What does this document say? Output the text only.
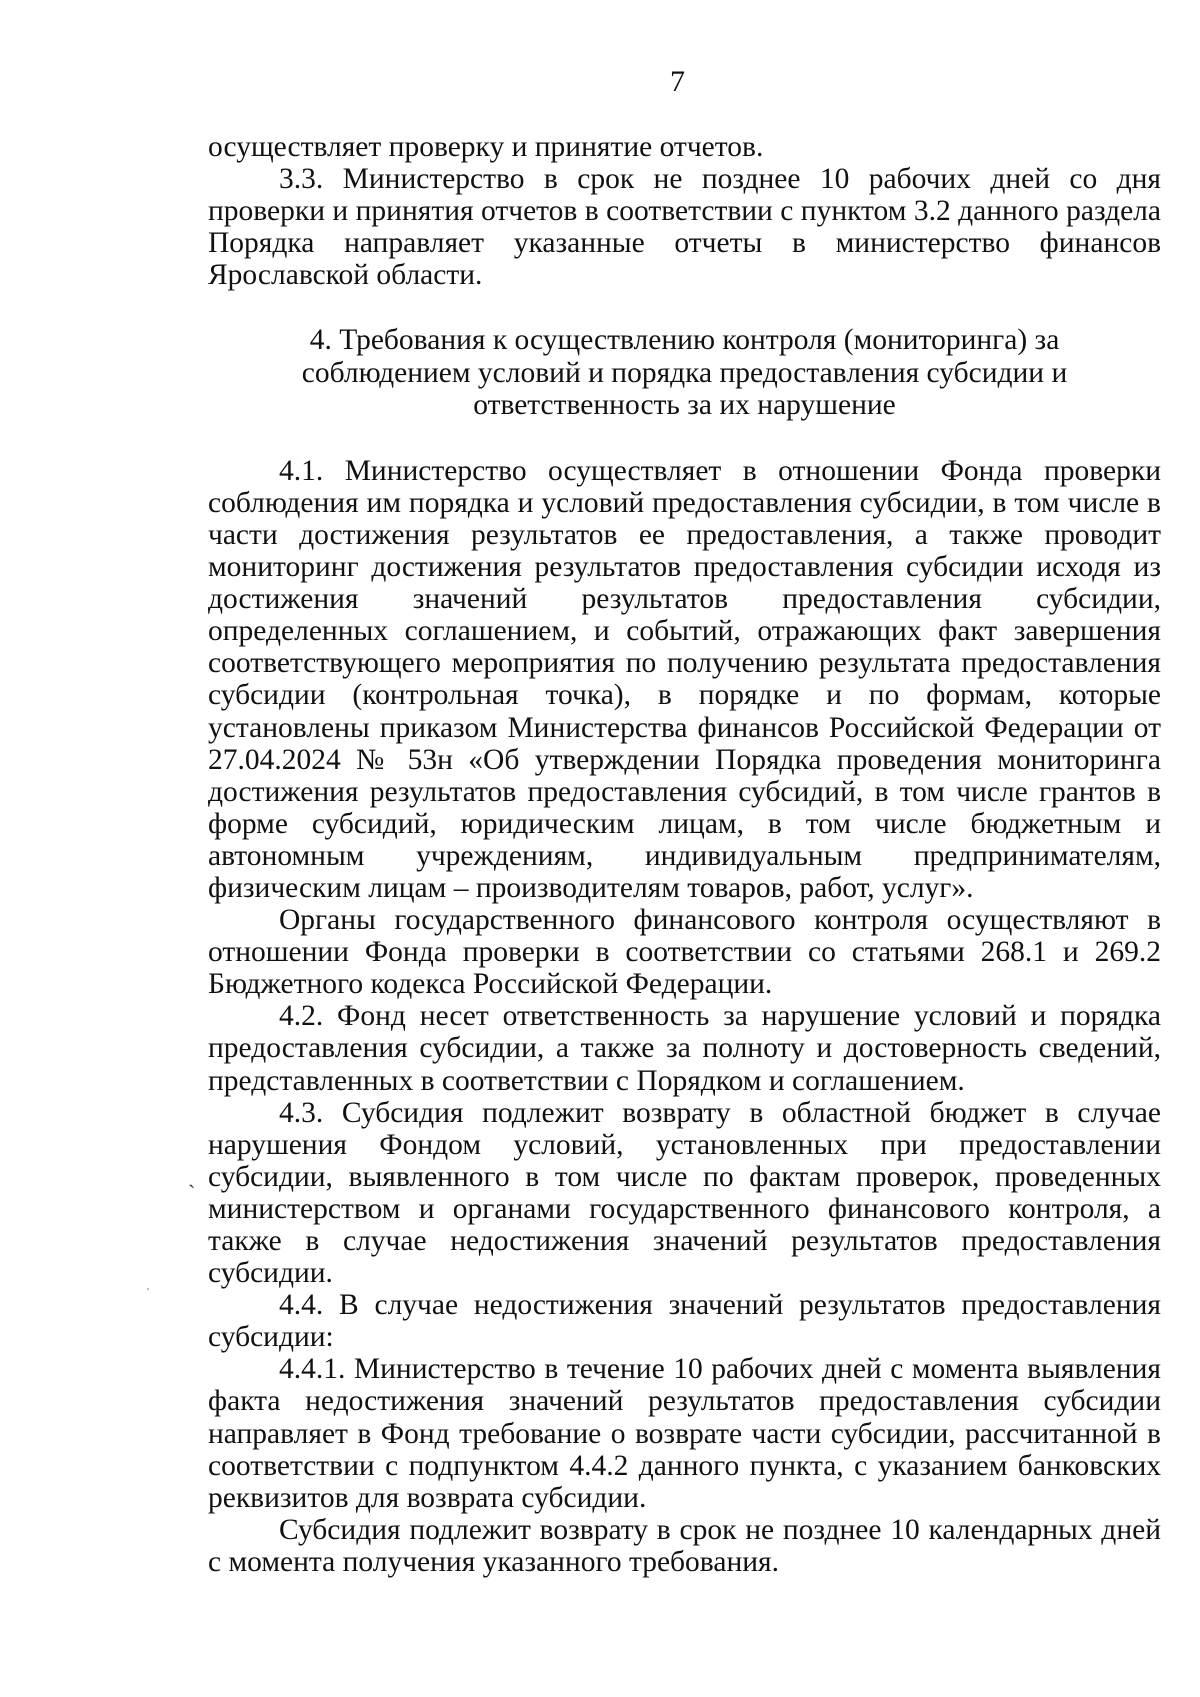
7

осуществляет проверку и принятие отчетов.

3.3. Министерство в срок не позднее 10 рабочих дней со дня проверки и принятия отчетов в соответствии с пунктом 3.2 данного раздела Порядка направляет указанные отчеты в министерство финансов Ярославской области.

4. Требования к осуществлению контроля (мониторинга) за соблюдением условий и порядка предоставления субсидии и ответственность за их нарушение

4.1. Министерство осуществляет в отношении Фонда проверки соблюдения им порядка и условий предоставления субсидии, в том числе в части достижения результатов ее предоставления, а также проводит мониторинг достижения результатов предоставления субсидии исходя из достижения значений результатов предоставления субсидии, определенных соглашением, и событий, отражающих факт завершения соответствующего мероприятия по получению результата предоставления субсидии (контрольная точка), в порядке и по формам, которые установлены приказом Министерства финансов Российской Федерации от 27.04.2024 № 53н «Об утверждении Порядка проведения мониторинга достижения результатов предоставления субсидий, в том числе грантов в форме субсидий, юридическим лицам, в том числе бюджетным и автономным учреждениям, индивидуальным предпринимателям, физическим лицам – производителям товаров, работ, услуг».

Органы государственного финансового контроля осуществляют в отношении Фонда проверки в соответствии со статьями 268.1 и 269.2 Бюджетного кодекса Российской Федерации.

4.2. Фонд несет ответственность за нарушение условий и порядка предоставления субсидии, а также за полноту и достоверность сведений, представленных в соответствии с Порядком и соглашением.

4.3. Субсидия подлежит возврату в областной бюджет в случае нарушения Фондом условий, установленных при предоставлении субсидии, выявленного в том числе по фактам проверок, проведенных министерством и органами государственного финансового контроля, а также в случае недостижения значений результатов предоставления субсидии.

4.4. В случае недостижения значений результатов предоставления субсидии:

4.4.1. Министерство в течение 10 рабочих дней с момента выявления факта недостижения значений результатов предоставления субсидии направляет в Фонд требование о возврате части субсидии, рассчитанной в соответствии с подпунктом 4.4.2 данного пункта, с указанием банковских реквизитов для возврата субсидии.

Субсидия подлежит возврату в срок не позднее 10 календарных дней с момента получения указанного требования.

ˎ
